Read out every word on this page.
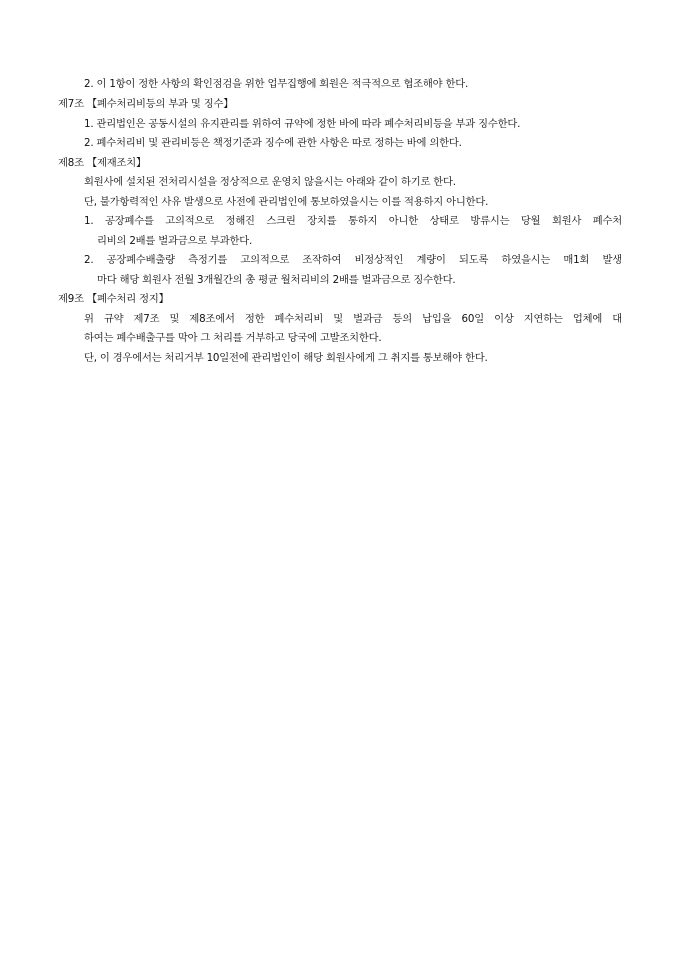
2. 이 1항이 정한 사항의 확인점검을 위한 업무집행에 회원은 적극적으로 협조해야 한다.
제7조 【폐수처리비등의 부과 및 징수】
1. 관리법인은 공동시설의 유지관리를 위하여 규약에 정한 바에 따라 폐수처리비등을 부과 징수한다.
2. 폐수처리비 및 관리비등은 책정기준과 징수에 관한 사항은 따로 정하는 바에 의한다.
제8조 【제재조치】
회원사에 설치된 전처리시설을 정상적으로 운영치 않을시는 아래와 같이 하기로 한다.
단, 불가항력적인 사유 발생으로 사전에 관리법인에 통보하였을시는 이를 적용하지 아니한다.
1. 공장폐수를 고의적으로 정해진 스크린 장치를 통하지 아니한 상태로 방류시는 당월 회원사 폐수처
리비의 2배를 벌과금으로 부과한다.
2. 공장폐수배출량 측정기를 고의적으로 조작하여 비정상적인 계량이 되도록 하였을시는 매1회 발생
마다 해당 회원사 전월 3개월간의 총 평균 월처리비의 2배를 벌과금으로 징수한다.
제9조 【폐수처리 정지】
위 규약 제7조 및 제8조에서 정한 폐수처리비 및 벌과금 등의 납입을 60일 이상 지연하는 업체에 대
하여는 폐수배출구를 막아 그 처리를 거부하고 당국에 고발조치한다.
단, 이 경우에서는 처리거부 10일전에 관리법인이 해당 회원사에게 그 취지를 통보해야 한다.
